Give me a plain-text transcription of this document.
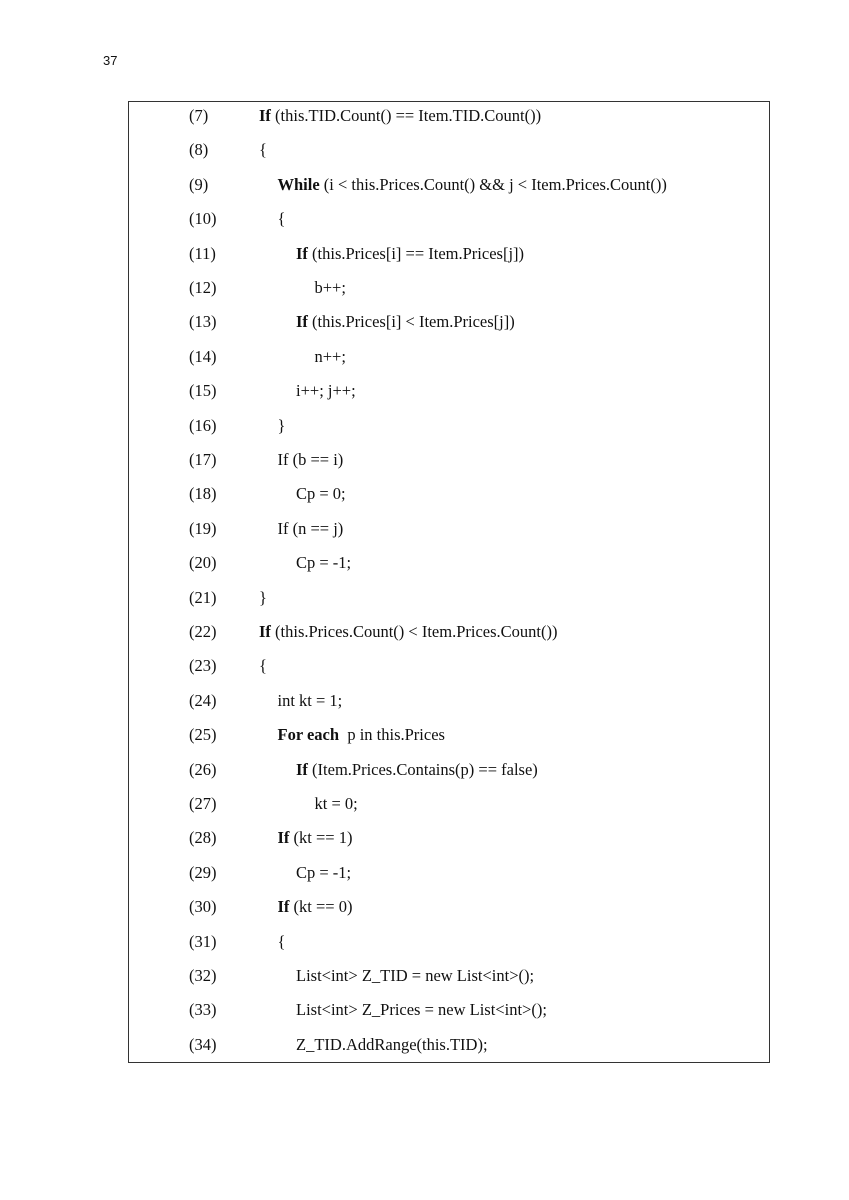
37
(7)	If (this.TID.Count() == Item.TID.Count())
(8)	{
(9)	While (i < this.Prices.Count() && j < Item.Prices.Count())
(10)	{
(11)	If (this.Prices[i] == Item.Prices[j])
(12)	b++;
(13)	If (this.Prices[i] < Item.Prices[j])
(14)	n++;
(15)	i++; j++;
(16)	}
(17)	If (b == i)
(18)	Cp = 0;
(19)	If (n == j)
(20)	Cp = -1;
(21)	}
(22)	If (this.Prices.Count() < Item.Prices.Count())
(23)	{
(24)	int kt = 1;
(25)	For each  p in this.Prices
(26)	If (Item.Prices.Contains(p) == false)
(27)	kt = 0;
(28)	If (kt == 1)
(29)	Cp = -1;
(30)	If (kt == 0)
(31)	{
(32)	List<int> Z_TID = new List<int>();
(33)	List<int> Z_Prices = new List<int>();
(34)	Z_TID.AddRange(this.TID);
